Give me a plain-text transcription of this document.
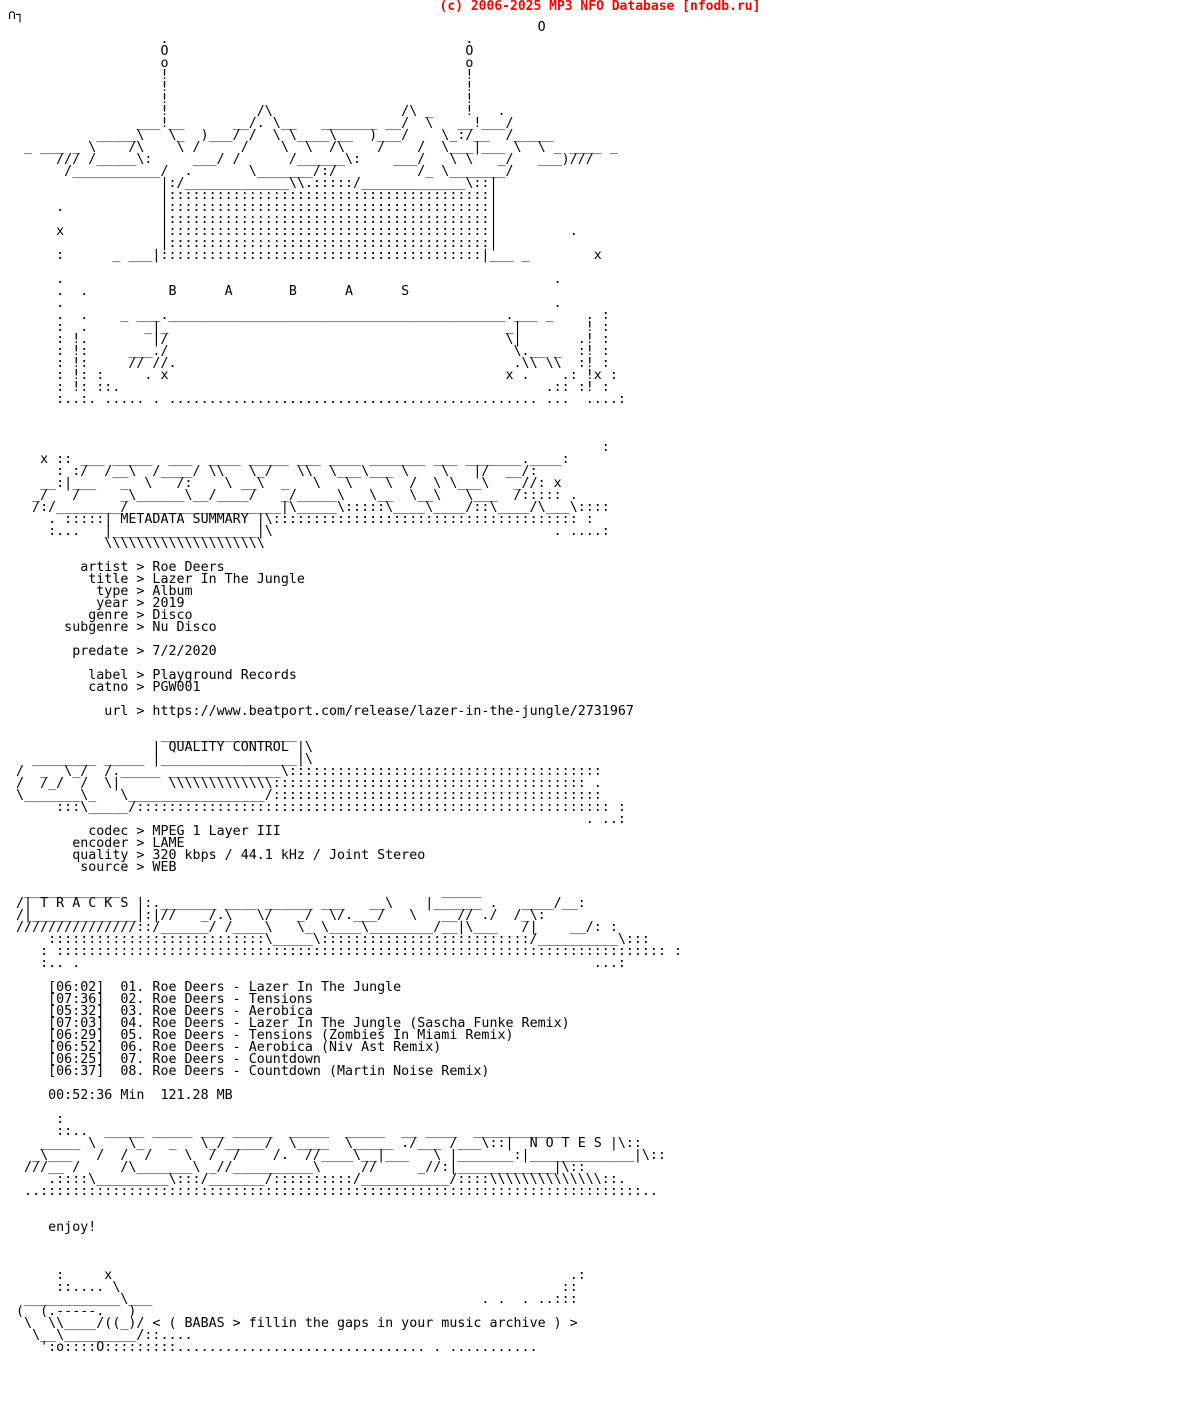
(c) 2006-2025 MP3 NFO Database [nfodb.ru]
∩┐
O
.                                     .
O                                     O
o                                     o
!                                     !
!                                     !
!                                     !
!           /\                /\ _    !   .
___!__      __/. \__   _______ __/  \   __!___/
_____\   \_  )___/ /  \ \____\__  )___/    \_:/__  /_____
_ ___ _ \    /\    \ /     /    \  \  /\    /    /  \___|___ \  \ _ ____ _
/// /_____\:     ___/ /      /______\:    ___/   \ \   _/   ___)///
/___________/  .       \_______/:/          /_ \_______/
|:/_____________\\.:::::/_____________\::|
|::::::::::::::::::::::::::::::::::::::::|
.            |::::::::::::::::::::::::::::::::::::::::|
|::::::::::::::::::::::::::::::::::::::::|
x            |::::::::::::::::::::::::::::::::::::::::|         .
|::::::::::::::::::::::::::::::::::::::::|
:      _ ___|::::::::::::::::::::::::::::::::::::::::|___ _        x

.                                                             .
.  .          B      A       B      A      S
.                                                             .
.  .    _ ___.__________________________________________.___ _    . :
:  .       _|_                                          _|        ! :
: !.        |/                                          \|       .! :
: !:     ___./                                           \.__ _  :! :
: !:     // //.                                          .\\ \\  :! :
: !: :     . x                                          x .    .: !x :
: !: ::.                                                     .:: :! :
:..:. ..... . .............................................. ...  ....:

:
x :: ___ _____  ___  ____ _____ ___ ____ _______ ___ _______.____:
: :/  /__\  /____/ \\   \_/   \\  \___\___ \    \   |/  __/:
__:|___   _  \   /:    \ __\  _   \   \    \  /  \ \___\   _//: x
_/   /     _\______\__/____/   _/_____\   \__  \__\   \___  /::::: .
/:/________/   ________________|\_____\:::::\____\____/::\____/\___\::::
. :::::| METADATA SUMMARY |\:::::::::::::::::::::::::::::::::::::: :
:...   |__________________|\                                   . ....:
\\\\\\\\\\\\\\\\\\\\

artist > Roe Deers
title > Lazer In The Jungle
type > Album
year > 2019
genre > Disco
subgenre > Nu Disco

predate > 7/2/2020

label > Playground Records
catno > PGW001

url > https://www.beatport.com/release/lazer-in-the-jungle/2731967

_________________
| QUALITY CONTROL |\
________ _____ |_________________|\
/  _  \_/  /._____ ______________\:::::::::::::::::::::::::::::::::::::::
/  /_/  /  \|      \\\\\\\\\\\\\::::::::::::::::::::::::::::::::::::::: .
\_______\_   \_________________/:::::::::::::::::::::::::::::::::::::::::
:::\_____/::::::::::::::::::::::::::::::::::::::::::::::::::::::::::: :
. ..:
codec > MPEG 1 Layer III
encoder > LAME
quality > 320 kbps / 44.1 kHz / Joint Stereo
source > WEB

____________                                        _____
/| T R A C K S |:._______ ____ ______ ___   __\    |______ .   ____/__:
/|_____________|:|//   _/.\   \/   _/  \/.___/   \   __// ./  /_\:
///////////////::/______/ /____\   \_ \____\________/__|\___   /|    __/: :
:::::::::::::::::::::::::::\_____\::::::::::::::::::::::::::/__________\:::
: :::::::::::::::::::::::::::::::::::::::::::::::::::::::::::::::::::::::::::: :
:.. .                                                                ...:

[06:02]  01. Roe Deers - Lazer In The Jungle
[07:36]  02. Roe Deers - Tensions
[05:32]  03. Roe Deers - Aerobica
[07:03]  04. Roe Deers - Lazer In The Jungle (Sascha Funke Remix)
[06:29]  05. Roe Deers - Tensions (Zombies In Miami Remix)
[06:52]  06. Roe Deers - Aerobica (Niv Ast Remix)
[06:25]  07. Roe Deers - Countdown
[06:37]  08. Roe Deers - Countdown (Martin Noise Remix)

00:52:36 Min  121.28 MB

:
::..  _____ _____ ___ _____  _____  _____  __ ____  ___________
_____ \    \_   _   \_/_____/  \____  \_____ ./___ /___\::|  N O T E S |\::
_\___   /  /  /    \  /  /    /.  //____\__|___   \ |_______:|_____________|\::
///__ /     /\_______\ _//__________\     //     _//:|____________|\::
.::::\_________\:::/_______/::::::::::/___________/::::\\\\\\\\\\\\\\::.
..:::::::::::::::::::::::::::::::::::::::::::::::::::::::::::::::::::::::::::..

enjoy!

:     x                                                         .:
::.... \                                                       ::
____________\___                                         . .  . ..:::
(  (.-----.   )
\  \\____/((_)/ < ( BABAS > fillin the gaps in your music archive ) >
\__\_________/::....
':o::::O:::::::::............................... . ...........
